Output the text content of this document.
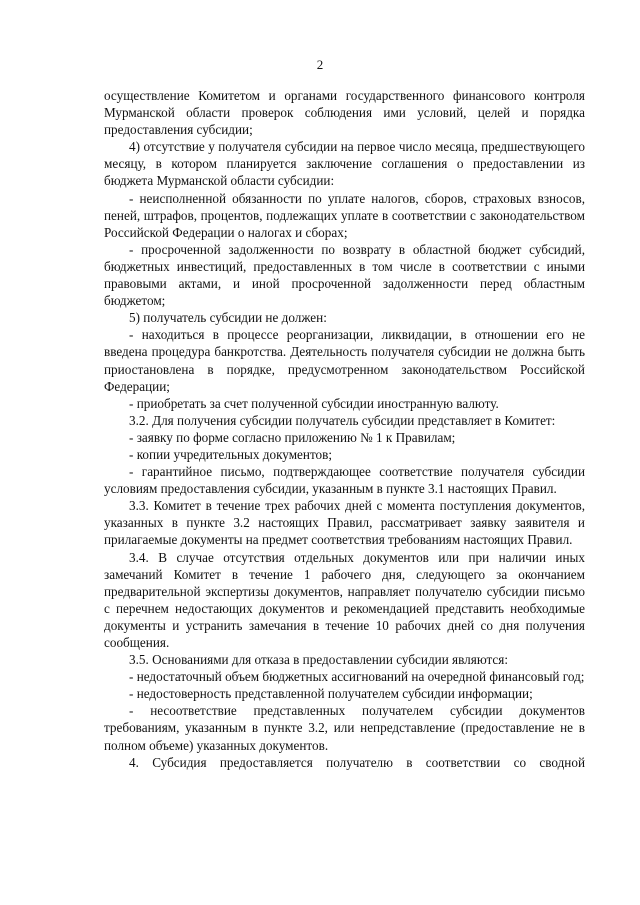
2

осуществление Комитетом и органами государственного финансового контроля Мурманской области проверок соблюдения ими условий, целей и порядка предоставления субсидии;

4) отсутствие у получателя субсидии на первое число месяца, предшествующего месяцу, в котором планируется заключение соглашения о предоставлении из бюджета Мурманской области субсидии:

- неисполненной обязанности по уплате налогов, сборов, страховых взносов, пеней, штрафов, процентов, подлежащих уплате в соответствии с законодательством Российской Федерации о налогах и сборах;

- просроченной задолженности по возврату в областной бюджет субсидий, бюджетных инвестиций, предоставленных в том числе в соответствии с иными правовыми актами, и иной просроченной задолженности перед областным бюджетом;

5) получатель субсидии не должен:

- находиться в процессе реорганизации, ликвидации, в отношении его не введена процедура банкротства. Деятельность получателя субсидии не должна быть приостановлена в порядке, предусмотренном законодательством Российской Федерации;

- приобретать за счет полученной субсидии иностранную валюту.

3.2. Для получения субсидии получатель субсидии представляет в Комитет:

- заявку по форме согласно приложению № 1 к Правилам;

- копии учредительных документов;

- гарантийное письмо, подтверждающее соответствие получателя субсидии условиям предоставления субсидии, указанным в пункте 3.1 настоящих Правил.

3.3. Комитет в течение трех рабочих дней с момента поступления документов, указанных в пункте 3.2 настоящих Правил, рассматривает заявку заявителя и прилагаемые документы на предмет соответствия требованиям настоящих Правил.

3.4. В случае отсутствия отдельных документов или при наличии иных замечаний Комитет в течение 1 рабочего дня, следующего за окончанием предварительной экспертизы документов, направляет получателю субсидии письмо с перечнем недостающих документов и рекомендацией представить необходимые документы и устранить замечания в течение 10 рабочих дней со дня получения сообщения.

3.5. Основаниями для отказа в предоставлении субсидии являются:

- недостаточный объем бюджетных ассигнований на очередной финансовый год;

- недостоверность представленной получателем субсидии информации;

- несоответствие представленных получателем субсидии документов требованиям, указанным в пункте 3.2, или непредставление (предоставление не в полном объеме) указанных документов.

4. Субсидия предоставляется получателю в соответствии со сводной
